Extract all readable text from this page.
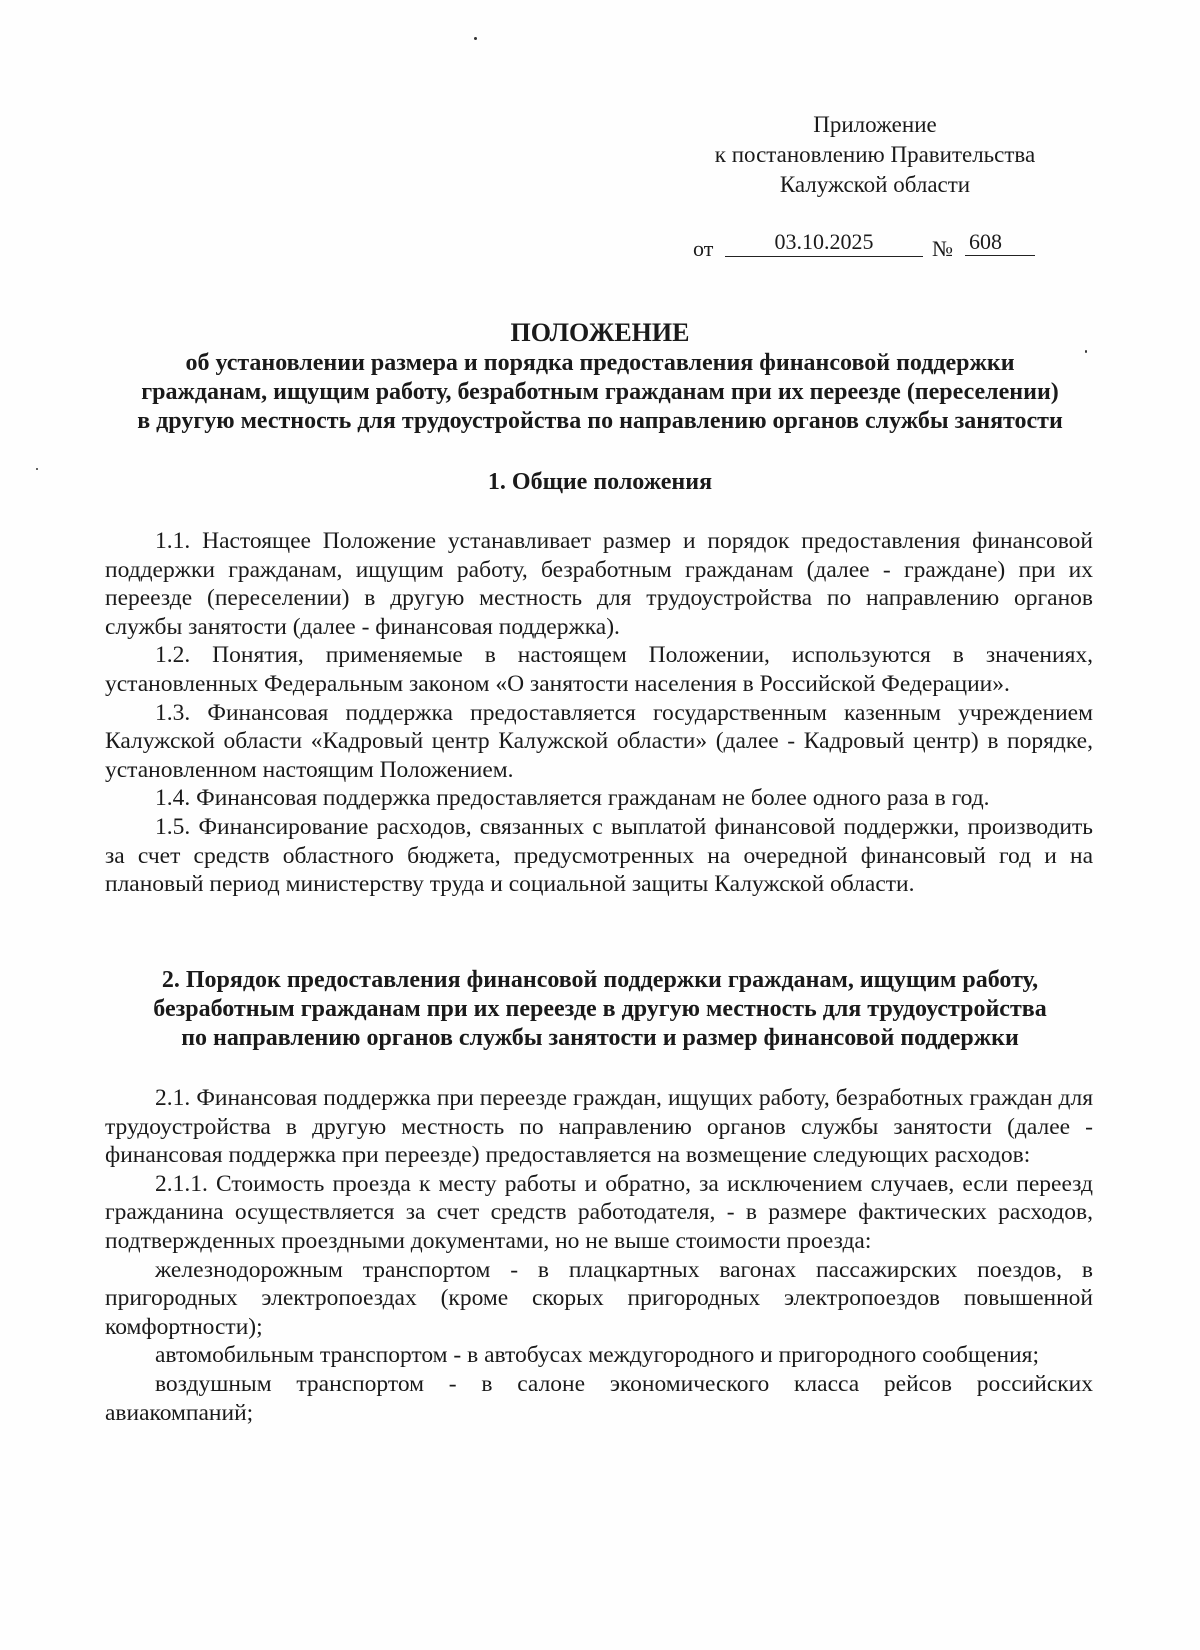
Приложение
к постановлению Правительства
Калужской области
от	03.10.2025	№ 608
ПОЛОЖЕНИЕ
об установлении размера и порядка предоставления финансовой поддержки
гражданам, ищущим работу, безработным гражданам при их переезде (переселении)
в другую местность для трудоустройства по направлению органов службы занятости
1. Общие положения

1.1. Настоящее Положение устанавливает размер и порядок предоставления финансовой поддержки гражданам, ищущим работу, безработным гражданам (далее - граждане) при их переезде (переселении) в другую местность для трудоустройства по направлению органов службы занятости (далее - финансовая поддержка).

1.2. Понятия, применяемые в настоящем Положении, используются в значениях, установленных Федеральным законом «О занятости населения в Российской Федерации».

1.3. Финансовая поддержка предоставляется государственным казенным учреждением Калужской области «Кадровый центр Калужской области» (далее - Кадровый центр) в порядке, установленном настоящим Положением.

1.4. Финансовая поддержка предоставляется гражданам не более одного раза в год.

1.5. Финансирование расходов, связанных с выплатой финансовой поддержки, производить за счет средств областного бюджета, предусмотренных на очередной финансовый год и на плановый период министерству труда и социальной защиты Калужской области.

2. Порядок предоставления финансовой поддержки гражданам, ищущим работу,
безработным гражданам при их переезде в другую местность для трудоустройства
по направлению органов службы занятости и размер финансовой поддержки

2.1. Финансовая поддержка при переезде граждан, ищущих работу, безработных граждан для трудоустройства в другую местность по направлению органов службы занятости (далее - финансовая поддержка при переезде) предоставляется на возмещение следующих расходов:

2.1.1. Стоимость проезда к месту работы и обратно, за исключением случаев, если переезд гражданина осуществляется за счет средств работодателя, - в размере фактических расходов, подтвержденных проездными документами, но не выше стоимости проезда:

железнодорожным транспортом - в плацкартных вагонах пассажирских поездов, в пригородных электропоездах (кроме скорых пригородных электропоездов повышенной комфортности);

автомобильным транспортом - в автобусах междугородного и пригородного сообщения;

воздушным транспортом - в салоне экономического класса рейсов российских авиакомпаний;
